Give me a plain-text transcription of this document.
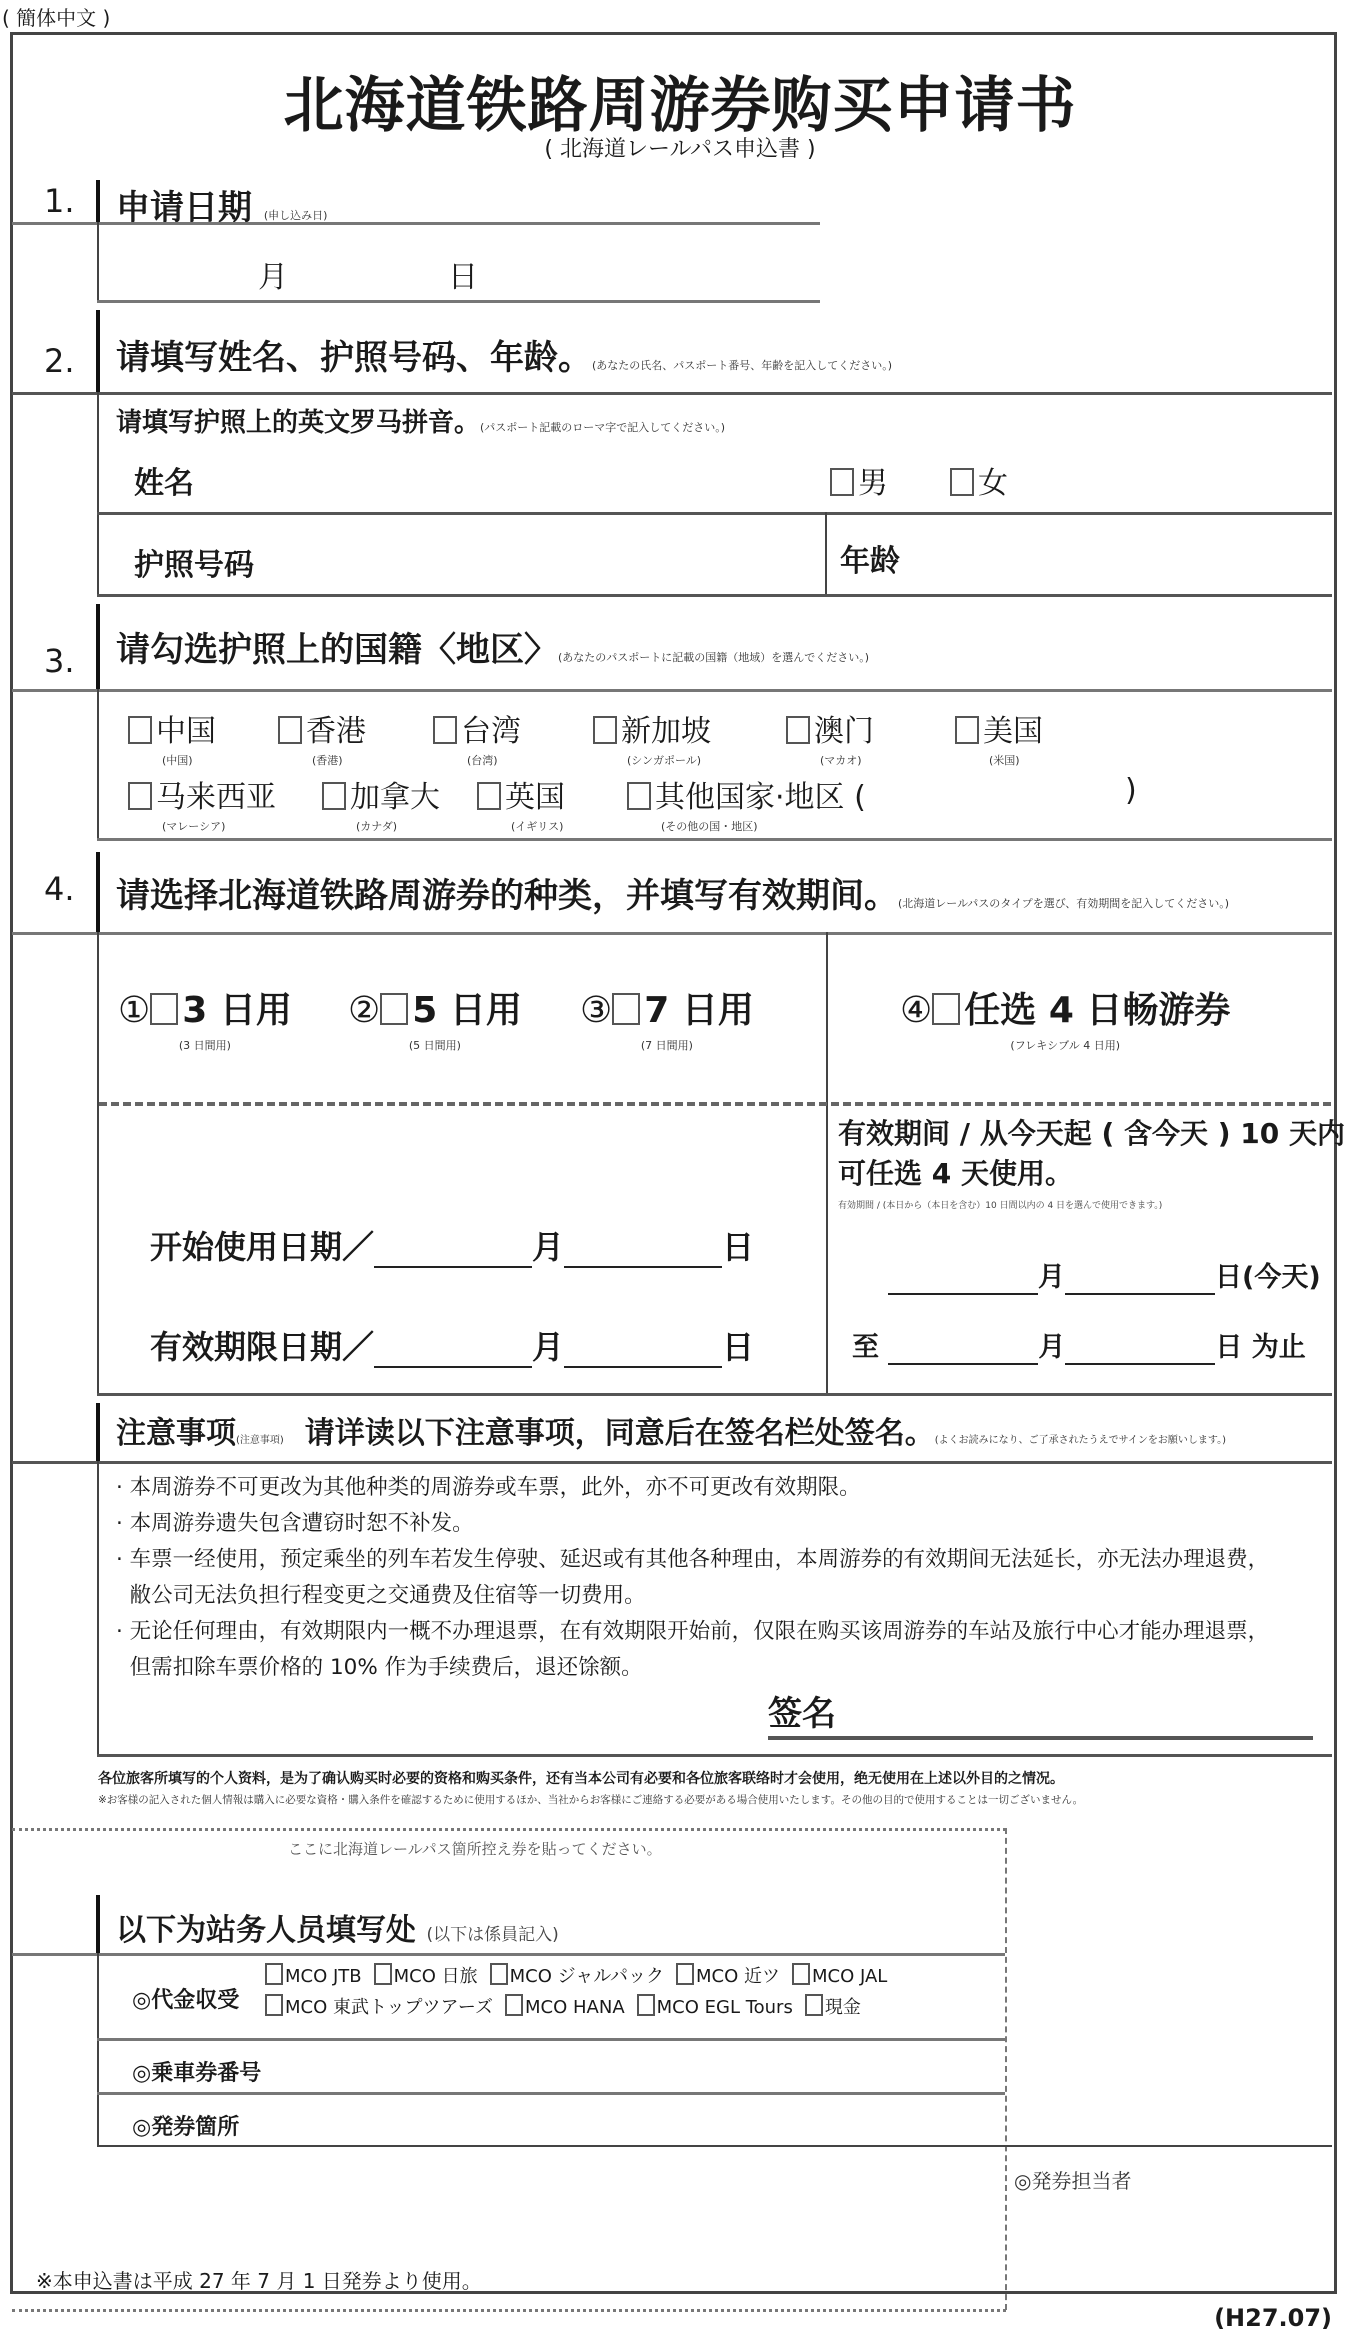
( 簡体中文 )
北海道铁路周游券购买申请书
( 北海道レールパス申込書 )
1. 申请日期 (申し込み日)
月	日
2. 请填写姓名、护照号码、年龄。(あなたの氏名、パスポート番号、年齢を記入してください。)
请填写护照上的英文罗马拼音。(パスポート記載のローマ字で記入してください。)
姓名	男	女
护照号码	年龄
3. 请勾选护照上的国籍〈地区〉(あなたのパスポートに記載の国籍（地域）を選んでください。)
中国
(中国)
香港
(香港)
台湾
(台湾)
新加坡
(シンガポール)
澳门
(マカオ)
美国
(米国)
马来西亚
(マレーシア)
加拿大
(カナダ)
英国
(イギリス)
其他国家·地区 (
(その他の国・地区)
)
4. 请选择北海道铁路周游券的种类，并填写有效期间。(北海道レールパスのタイプを選び、有効期間を記入してください。)
① 3 日用
(3 日間用)
② 5 日用
(5 日間用)
③ 7 日用
(7 日間用)
④ 任选 4 日畅游券
(フレキシブル 4 日用)
开始使用日期／	月	日
有效期限日期／	月	日
有效期间 / 从今天起 ( 含今天 ) 10 天内
可任选 4 天使用。
有効期間 / (本日から（本日を含む）10 日間以内の 4 日を選んで使用できます。)
月	日(今天)
至	月	日 为止
注意事项(注意事項) 请详读以下注意事项，同意后在签名栏处签名。(よくお読みになり、ご了承されたうえでサインをお願いします。)
· 本周游券不可更改为其他种类的周游券或车票，此外，亦不可更改有效期限。
· 本周游券遗失包含遭窃时恕不补发。
· 车票一经使用，预定乘坐的列车若发生停驶、延迟或有其他各种理由，本周游券的有效期间无法延长，亦无法办理退费，
敝公司无法负担行程变更之交通费及住宿等一切费用。
· 无论任何理由，有效期限内一概不办理退票，在有效期限开始前，仅限在购买该周游券的车站及旅行中心才能办理退票，
但需扣除车票价格的 10% 作为手续费后，退还馀额。
签名
各位旅客所填写的个人资料，是为了确认购买时必要的资格和购买条件，还有当本公司有必要和各位旅客联络时才会使用，绝无使用在上述以外目的之情况。
※お客様の記入された個人情報は購入に必要な資格・購入条件を確認するために使用するほか、当社からお客様にご連絡する必要がある場合使用いたします。その他の目的で使用することは一切ございません。
ここに北海道レールパス箇所控え券を貼ってください。
以下为站务人员填写处 (以下は係員記入)
◎代金収受
MCO JTB MCO 日旅 MCO ジャルパック MCO 近ツ MCO JAL
MCO 東武トップツアーズ MCO HANA MCO EGL Tours 現金
◎乗車券番号
◎発券箇所
◎発券担当者
※本申込書は平成 27 年 7 月 1 日発券より使用。
(H27.07)
